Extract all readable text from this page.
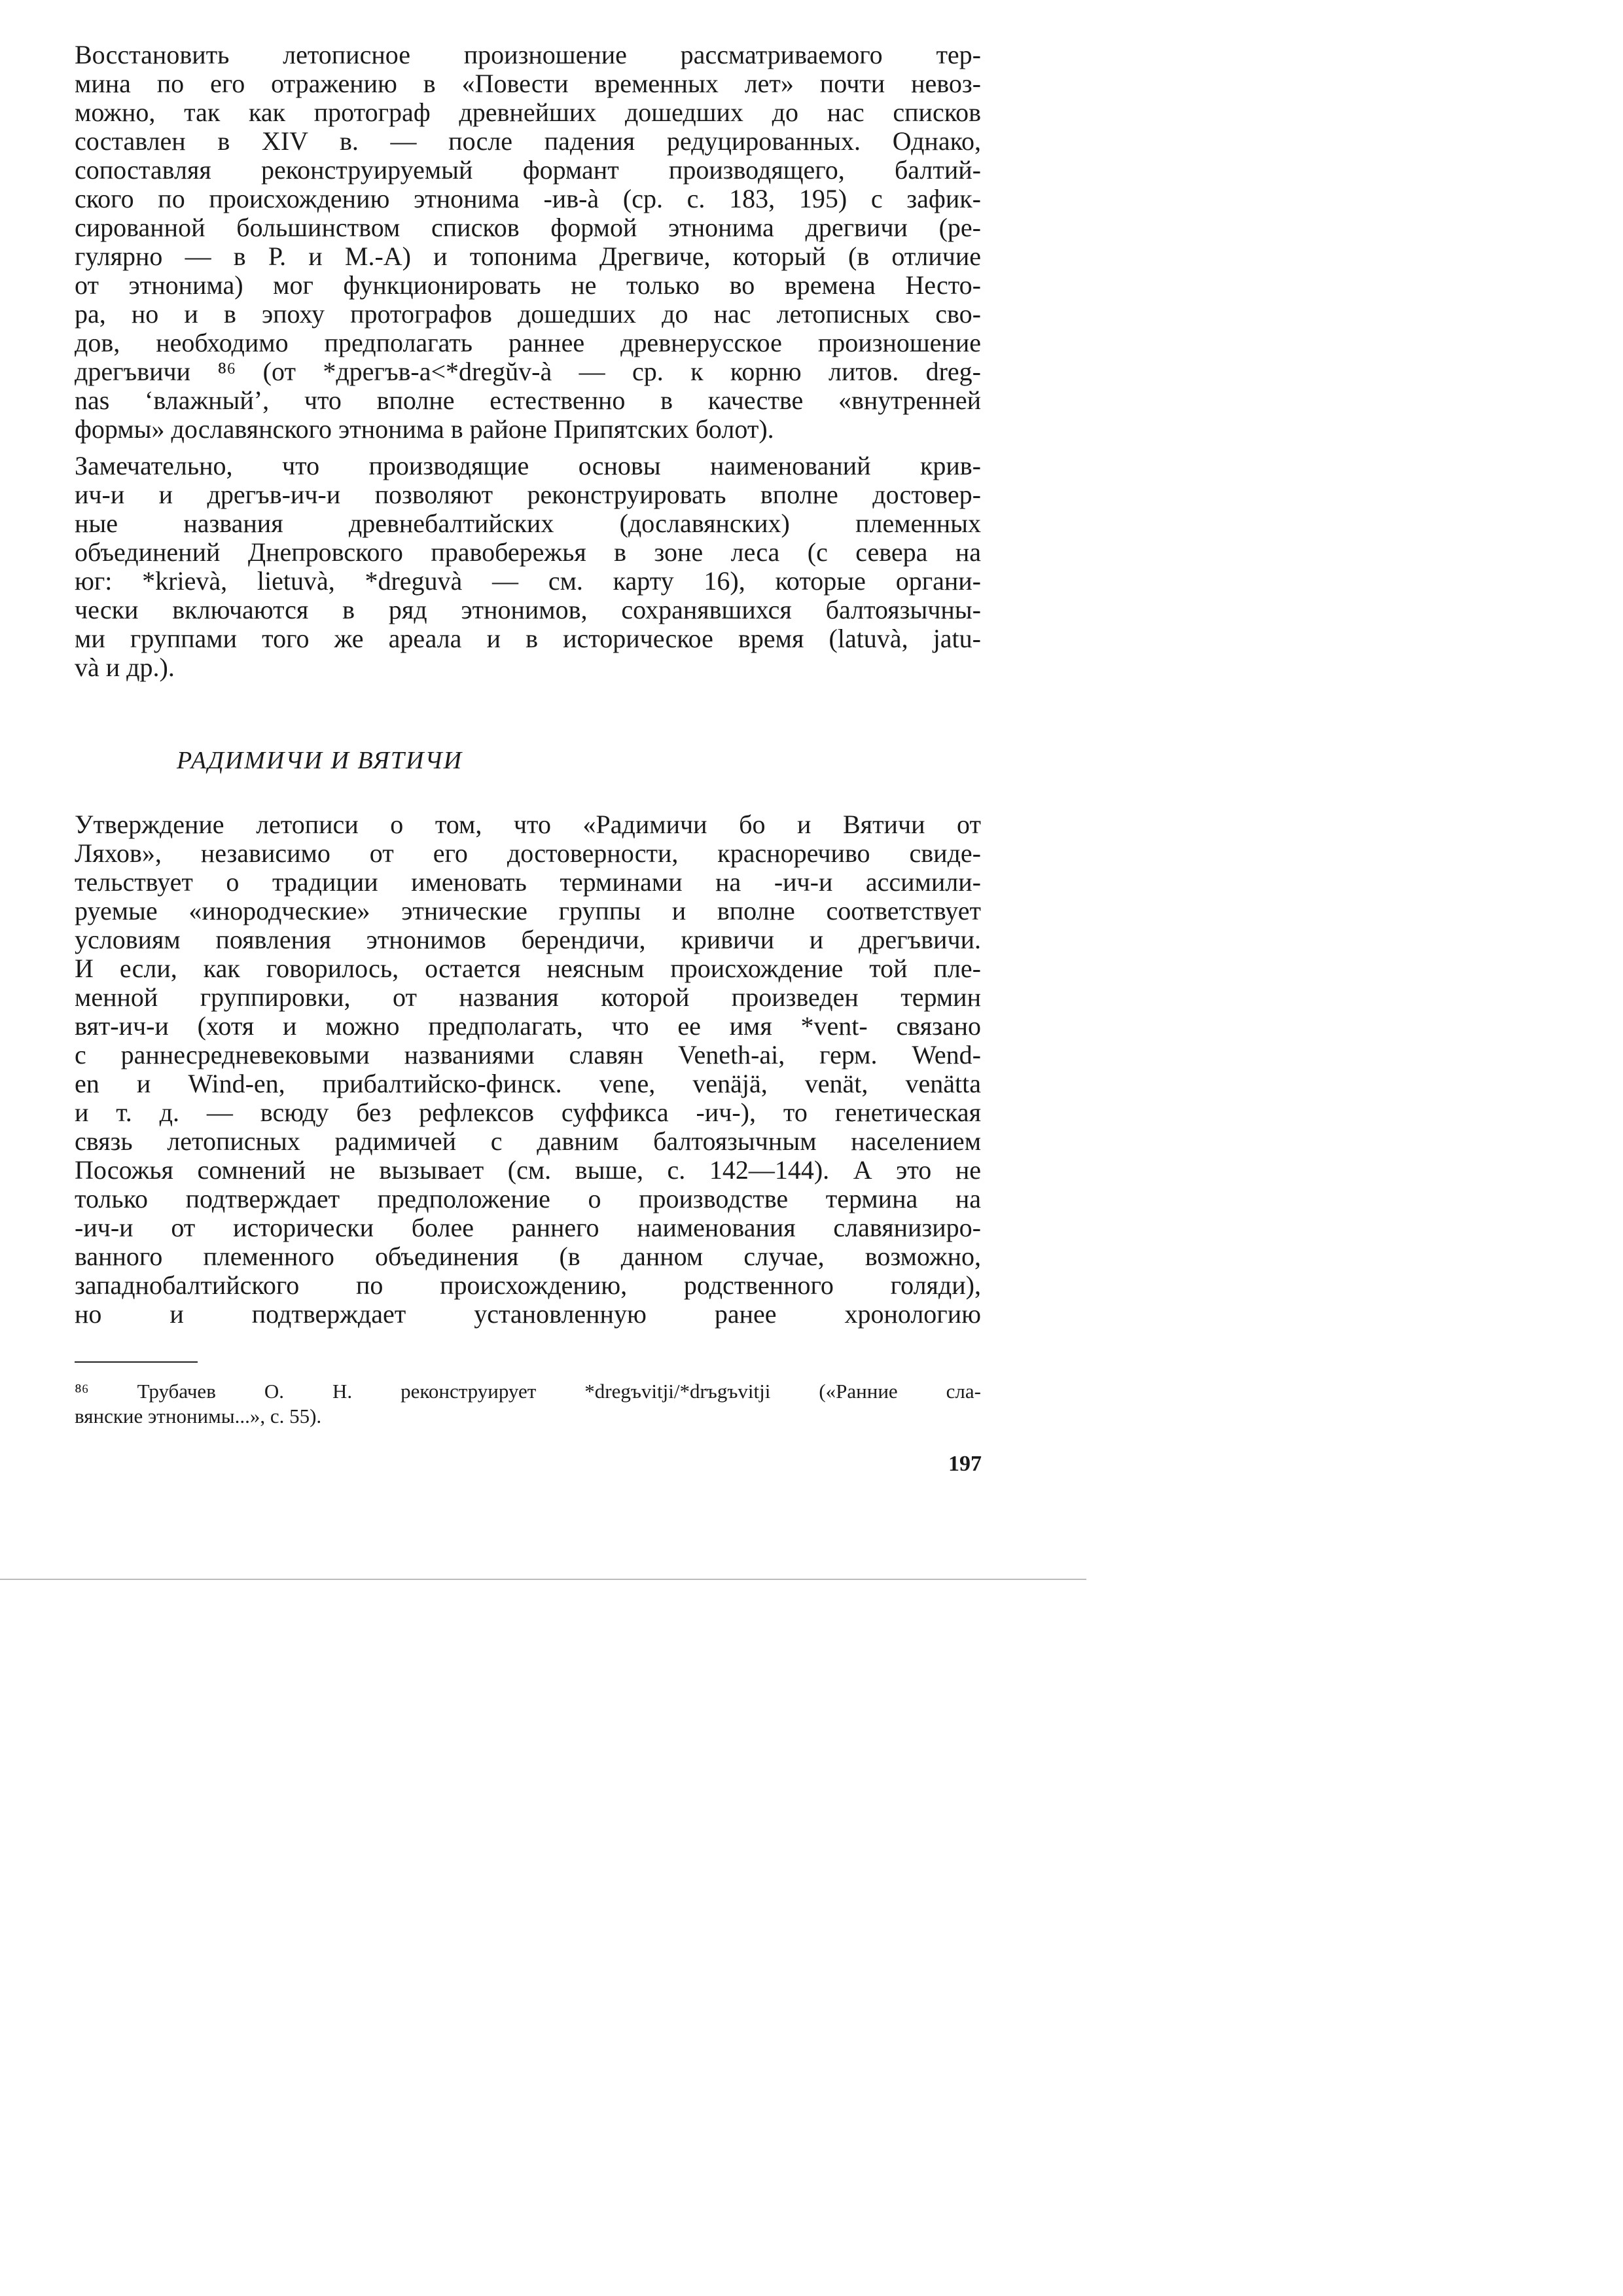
Восстановить летописное произношение рассматриваемого тер-
мина по его отражению в «Повести временных лет» почти невоз-
можно, так как протограф древнейших дошедших до нас списков
составлен в XIV в. — после падения редуцированных. Однако,
сопоставляя реконструируемый формант производящего, балтий-
ского по происхождению этнонима -ив-à (ср. с. 183, 195) с зафик-
сированной большинством списков формой этнонима дрегвичи (ре-
гулярно — в Р. и М.-А) и топонима Дрегвиче, который (в отличие
от этнонима) мог функционировать не только во времена Несто-
ра, но и в эпоху протографов дошедших до нас летописных сво-
дов, необходимо предполагать раннее древнерусское произношение
дрегъвичи ⁸⁶ (от *дрегъв-а<*dregŭv-à — ср. к корню литов. dreg-
nas ‘влажный’, что вполне естественно в качестве «внутренней
формы» дославянского этнонима в районе Припятских болот).
Замечательно, что производящие основы наименований крив-
ич-и и дрегъв-ич-и позволяют реконструировать вполне достовер-
ные названия древнебалтийских (дославянских) племенных
объединений Днепровского правобережья в зоне леса (с севера на
юг: *krievà, lietuvà, *dreguvà — см. карту 16), которые органи-
чески включаются в ряд этнонимов, сохранявшихся балтоязычны-
ми группами того же ареала и в историческое время (latuvà, jatu-
và и др.).
РАДИМИЧИ И ВЯТИЧИ
Утверждение летописи о том, что «Радимичи бо и Вятичи от
Ляхов», независимо от его достоверности, красноречиво свиде-
тельствует о традиции именовать терминами на -ич-и ассимили-
руемые «инородческие» этнические группы и вполне соответствует
условиям появления этнонимов берендичи, кривичи и дрегъвичи.
И если, как говорилось, остается неясным происхождение той пле-
менной группировки, от названия которой произведен термин
вят-ич-и (хотя и можно предполагать, что ее имя *vent- связано
с раннесредневековыми названиями славян Veneth-ai, герм. Wend-
en и Wind-en, прибалтийско-финск. vene, venäjä, venät, venätta
и т. д. — всюду без рефлексов суффикса -ич-), то генетическая
связь летописных радимичей с давним балтоязычным населением
Посожья сомнений не вызывает (см. выше, с. 142—144). А это не
только подтверждает предположение о производстве термина на
-ич-и от исторически более раннего наименования славянизиро-
ванного племенного объединения (в данном случае, возможно,
западнобалтийского по происхождению, родственного голяди),
но и подтверждает установленную ранее хронологию
⁸⁶ Трубачев О. Н. реконструирует *dregъvitji/*drъgъvitji («Ранние сла-
вянские этнонимы...», с. 55).
197
